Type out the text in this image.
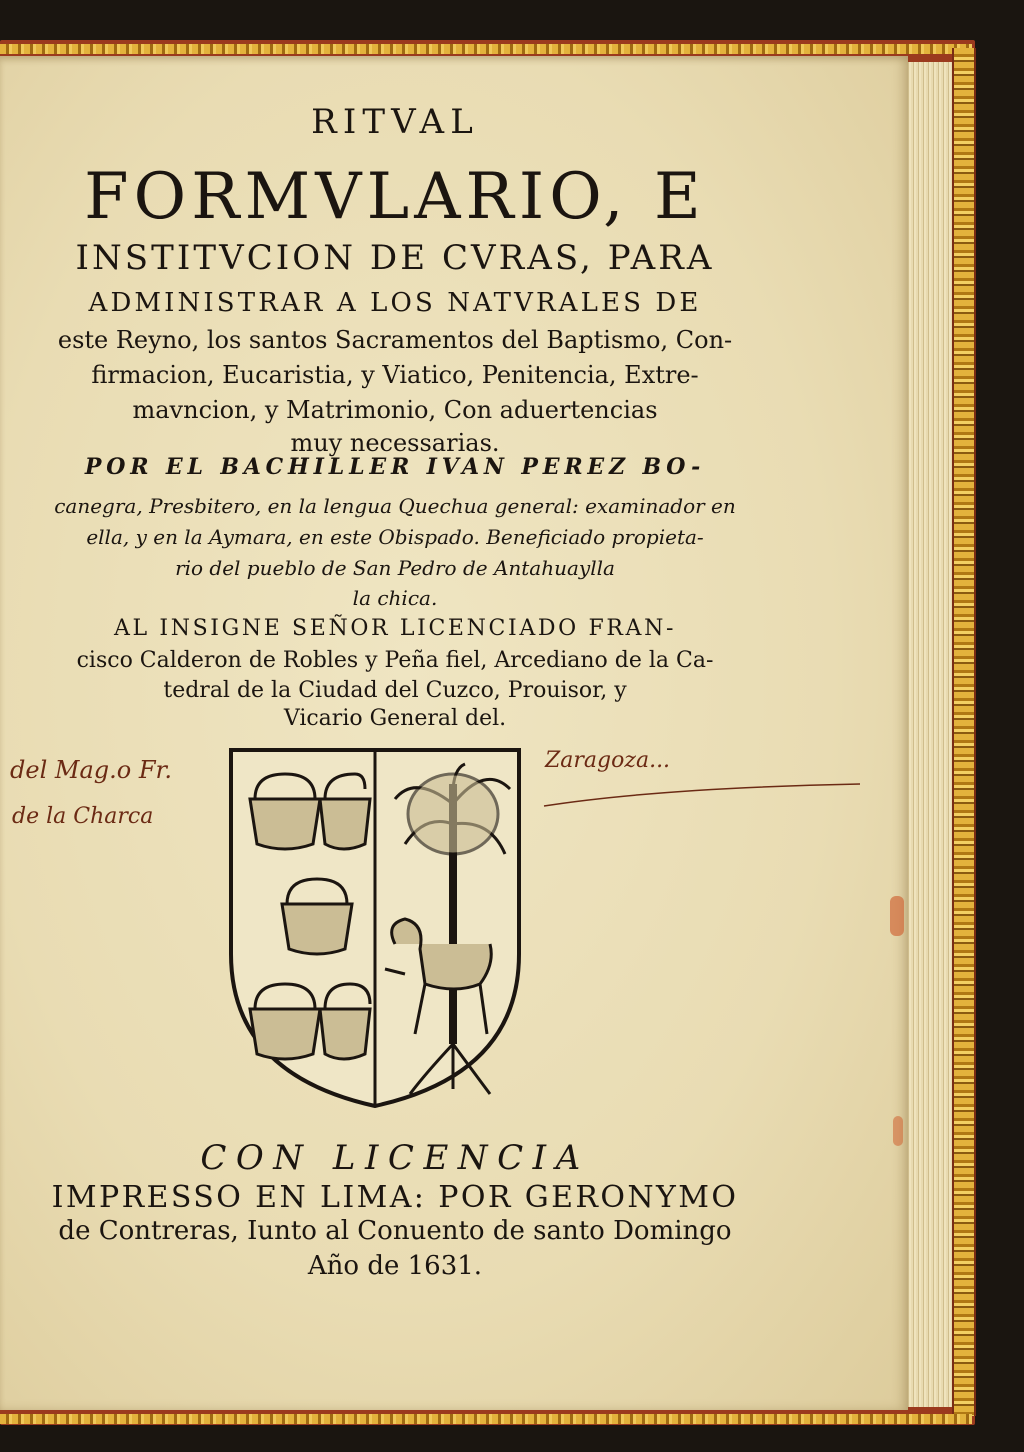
RITVAL
FORMVLARIO, E
INSTITVCION DE CVRAS, PARA
ADMINISTRAR A LOS NATVRALES DE
este Reyno, los santos Sacramentos del Baptismo, Con-
firmacion, Eucaristia, y Viatico, Penitencia, Extre-
mavncion, y Matrimonio, Con aduertencias
muy necessarias.
POR EL BACHILLER IVAN PEREZ BO-
canegra, Presbitero, en la lengua Quechua general: examinador en
ella, y en la Aymara, en este Obispado. Beneficiado propieta-
rio del pueblo de San Pedro de Antahuaylla
la chica.
AL INSIGNE SEÑOR LICENCIADO FRAN-
cisco Calderon de Robles y Peña fiel, Arcediano de la Ca-
tedral de la Ciudad del Cuzco, Prouisor, y
Vicario General del.
CON LICENCIA
IMPRESSO EN LIMA: POR GERONYMO
de Contreras, Iunto al Conuento de santo Domingo
Año de 1631.
del Mag.o Fr.
de la Charca
Zaragoza...
